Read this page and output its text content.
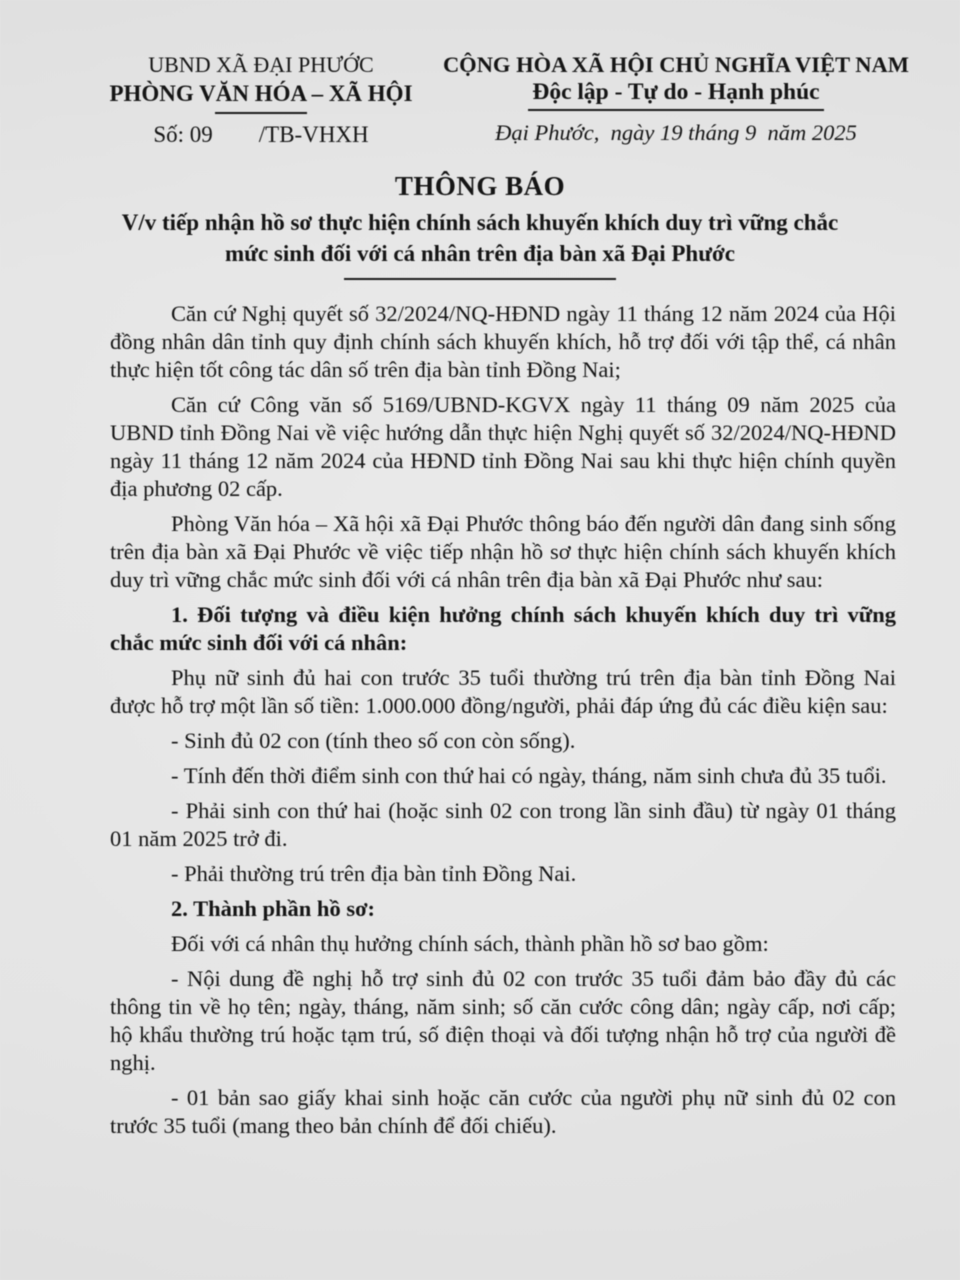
UBND XÃ ĐẠI PHƯỚC
PHÒNG VĂN HÓA – XÃ HỘI
Số: 09        /TB-VHXH
CỘNG HÒA XÃ HỘI CHỦ NGHĨA VIỆT NAM
Độc lập - Tự do - Hạnh phúc
Đại Phước,  ngày 19 tháng 9  năm 2025
THÔNG BÁO
V/v tiếp nhận hồ sơ thực hiện chính sách khuyến khích duy trì vững chắc
mức sinh đối với cá nhân trên địa bàn xã Đại Phước

Căn cứ Nghị quyết số 32/2024/NQ-HĐND ngày 11 tháng 12 năm 2024 của Hội đồng nhân dân tỉnh quy định chính sách khuyến khích, hỗ trợ đối với tập thể, cá nhân thực hiện tốt công tác dân số trên địa bàn tỉnh Đồng Nai;

Căn cứ Công văn số 5169/UBND-KGVX ngày 11 tháng 09 năm 2025 của UBND tỉnh Đồng Nai về việc hướng dẫn thực hiện Nghị quyết số 32/2024/NQ-HĐND ngày 11 tháng 12 năm 2024 của HĐND tỉnh Đồng Nai sau khi thực hiện chính quyền địa phương 02 cấp.

Phòng Văn hóa – Xã hội xã Đại Phước thông báo đến người dân đang sinh sống trên địa bàn xã Đại Phước về việc tiếp nhận hồ sơ thực hiện chính sách khuyến khích duy trì vững chắc mức sinh đối với cá nhân trên địa bàn xã Đại Phước như sau:

1. Đối tượng và điều kiện hưởng chính sách khuyến khích duy trì vững chắc mức sinh đối với cá nhân:

Phụ nữ sinh đủ hai con trước 35 tuổi thường trú trên địa bàn tỉnh Đồng Nai được hỗ trợ một lần số tiền: 1.000.000 đồng/người, phải đáp ứng đủ các điều kiện sau:

- Sinh đủ 02 con (tính theo số con còn sống).

- Tính đến thời điểm sinh con thứ hai có ngày, tháng, năm sinh chưa đủ 35 tuổi.

- Phải sinh con thứ hai (hoặc sinh 02 con trong lần sinh đầu) từ ngày 01 tháng 01 năm 2025 trở đi.

- Phải thường trú trên địa bàn tỉnh Đồng Nai.

2. Thành phần hồ sơ:

Đối với cá nhân thụ hưởng chính sách, thành phần hồ sơ bao gồm:

- Nội dung đề nghị hỗ trợ sinh đủ 02 con trước 35 tuổi đảm bảo đầy đủ các thông tin về họ tên; ngày, tháng, năm sinh; số căn cước công dân; ngày cấp, nơi cấp; hộ khẩu thường trú hoặc tạm trú, số điện thoại và đối tượng nhận hỗ trợ của người đề nghị.

- 01 bản sao giấy khai sinh hoặc căn cước của người phụ nữ sinh đủ 02 con trước 35 tuổi (mang theo bản chính để đối chiếu).
